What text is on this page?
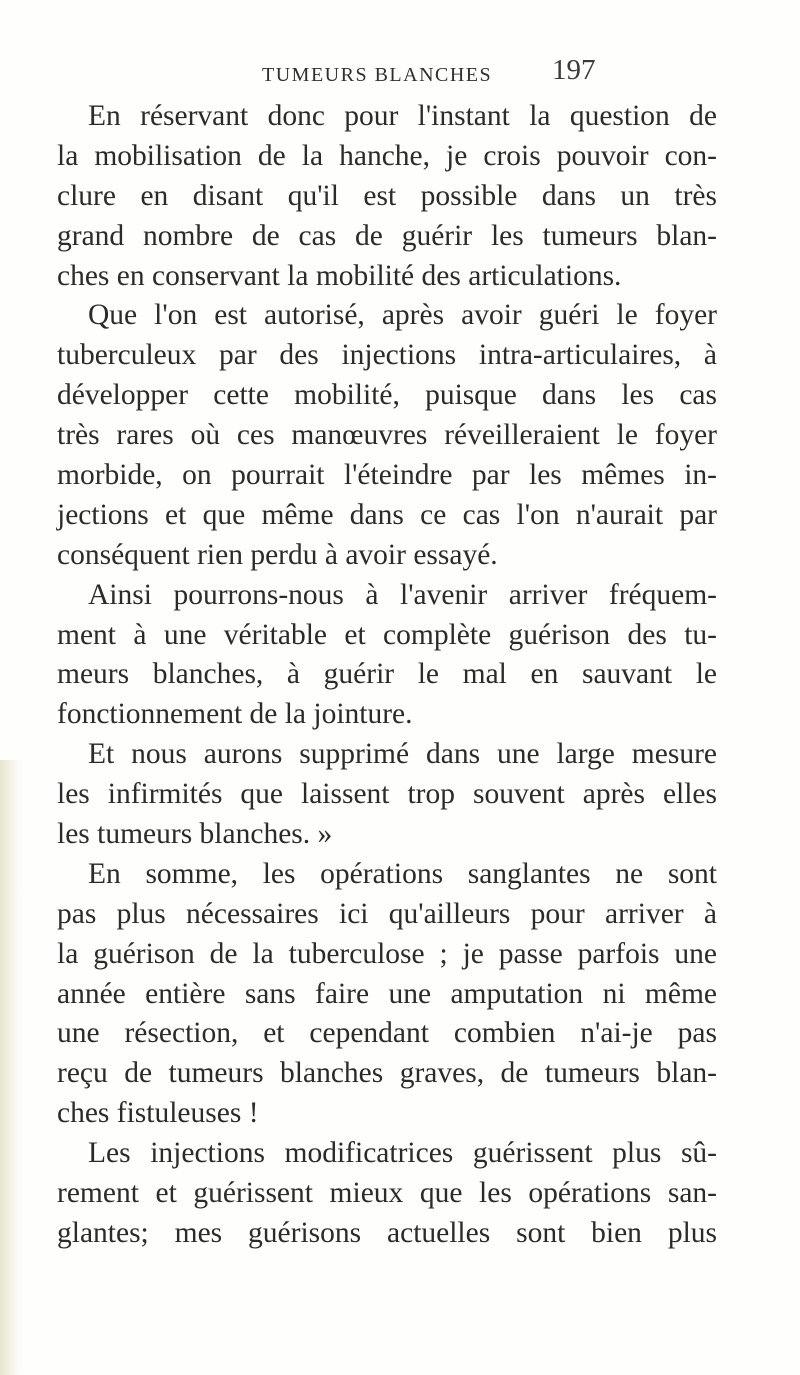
TUMEURS BLANCHES 197
En réservant donc pour l'instant la question de
la mobilisation de la hanche, je crois pouvoir con-
clure en disant qu'il est possible dans un très
grand nombre de cas de guérir les tumeurs blan-
ches en conservant la mobilité des articulations.
Que l'on est autorisé, après avoir guéri le foyer
tuberculeux par des injections intra-articulaires, à
développer cette mobilité, puisque dans les cas
très rares où ces manœuvres réveilleraient le foyer
morbide, on pourrait l'éteindre par les mêmes in-
jections et que même dans ce cas l'on n'aurait par
conséquent rien perdu à avoir essayé.
Ainsi pourrons-nous à l'avenir arriver fréquem-
ment à une véritable et complète guérison des tu-
meurs blanches, à guérir le mal en sauvant le
fonctionnement de la jointure.
Et nous aurons supprimé dans une large mesure
les infirmités que laissent trop souvent après elles
les tumeurs blanches. »
En somme, les opérations sanglantes ne sont
pas plus nécessaires ici qu'ailleurs pour arriver à
la guérison de la tuberculose ; je passe parfois une
année entière sans faire une amputation ni même
une résection, et cependant combien n'ai-je pas
reçu de tumeurs blanches graves, de tumeurs blan-
ches fistuleuses !
Les injections modificatrices guérissent plus sû-
rement et guérissent mieux que les opérations san-
glantes; mes guérisons actuelles sont bien plus
